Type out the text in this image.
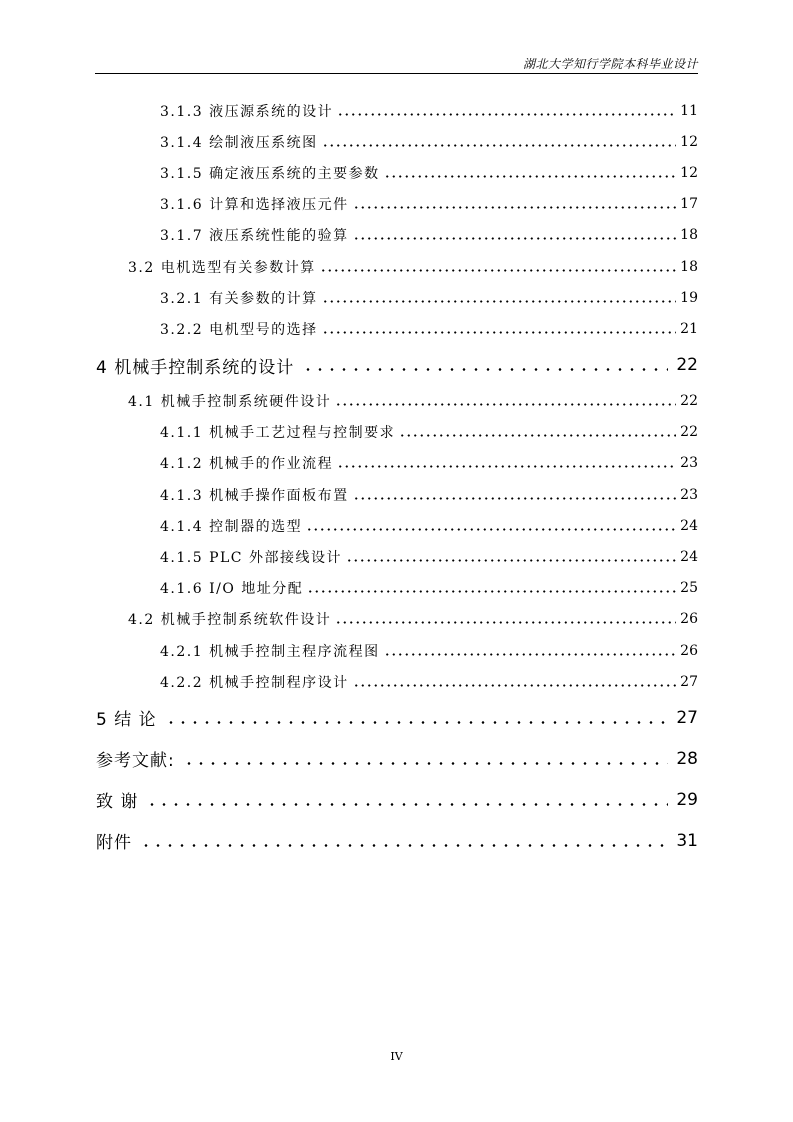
湖北大学知行学院本科毕业设计
3.1.3 液压源系统的设计	11
3.1.4 绘制液压系统图	12
3.1.5 确定液压系统的主要参数	12
3.1.6 计算和选择液压元件	17
3.1.7 液压系统性能的验算	18
3.2 电机选型有关参数计算	18
3.2.1 有关参数的计算	19
3.2.2 电机型号的选择	21
4 机械手控制系统的设计	22
4.1 机械手控制系统硬件设计	22
4.1.1 机械手工艺过程与控制要求	22
4.1.2 机械手的作业流程	23
4.1.3 机械手操作面板布置	23
4.1.4 控制器的选型	24
4.1.5 PLC 外部接线设计	24
4.1.6 I/O 地址分配	25
4.2 机械手控制系统软件设计	26
4.2.1 机械手控制主程序流程图	26
4.2.2 机械手控制程序设计	27
5 结 论	27
参考文献:	28
致 谢	29
附件	31
IV
